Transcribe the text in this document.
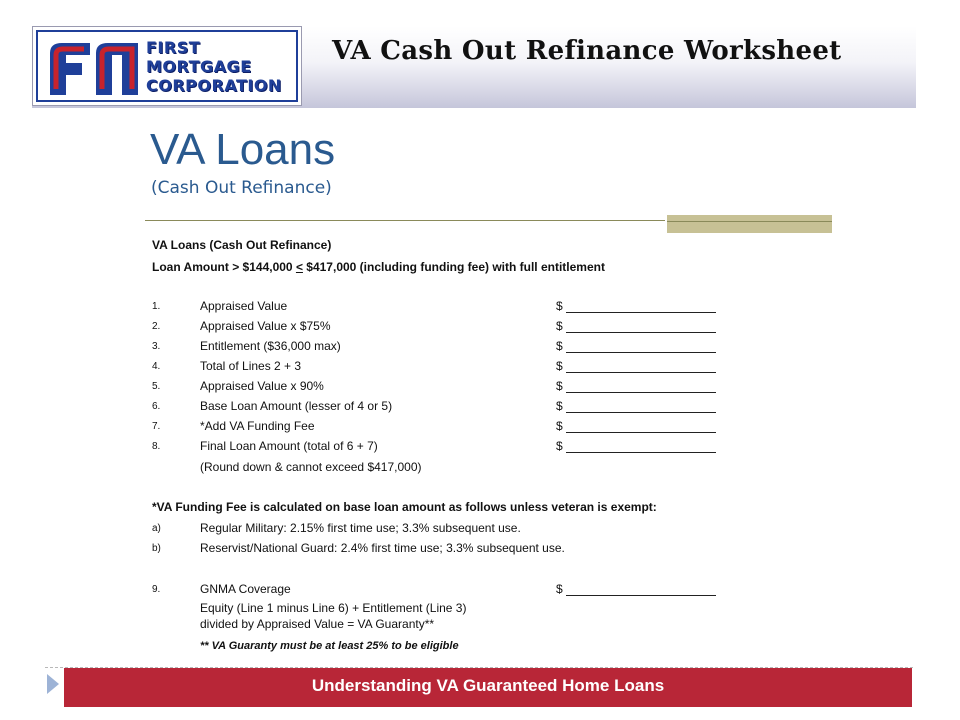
FIRST
MORTGAGE
CORPORATION
VA Cash Out Refinance Worksheet
VA Loans
(Cash Out Refinance)
VA Loans (Cash Out Refinance)
Loan Amount > $144,000 < $417,000 (including funding fee) with full entitlement
1.	Appraised Value	$
2.	Appraised Value x $75%	$
3.	Entitlement ($36,000 max)	$
4.	Total of Lines 2 + 3	$
5.	Appraised Value x 90%	$
6.	Base Loan Amount (lesser of 4 or 5)	$
7.	*Add VA Funding Fee	$
8.	Final Loan Amount (total of 6 + 7)	$
(Round down & cannot exceed $417,000)
*VA Funding Fee is calculated on base loan amount as follows unless veteran is exempt:
a)	Regular Military: 2.15% first time use; 3.3% subsequent use.
b)	Reservist/National Guard: 2.4% first time use; 3.3% subsequent use.
9.	GNMA Coverage	$
Equity (Line 1 minus Line 6) + Entitlement (Line 3)
divided by Appraised Value = VA Guaranty**
** VA Guaranty must be at least 25% to be eligible
Understanding VA Guaranteed Home Loans
